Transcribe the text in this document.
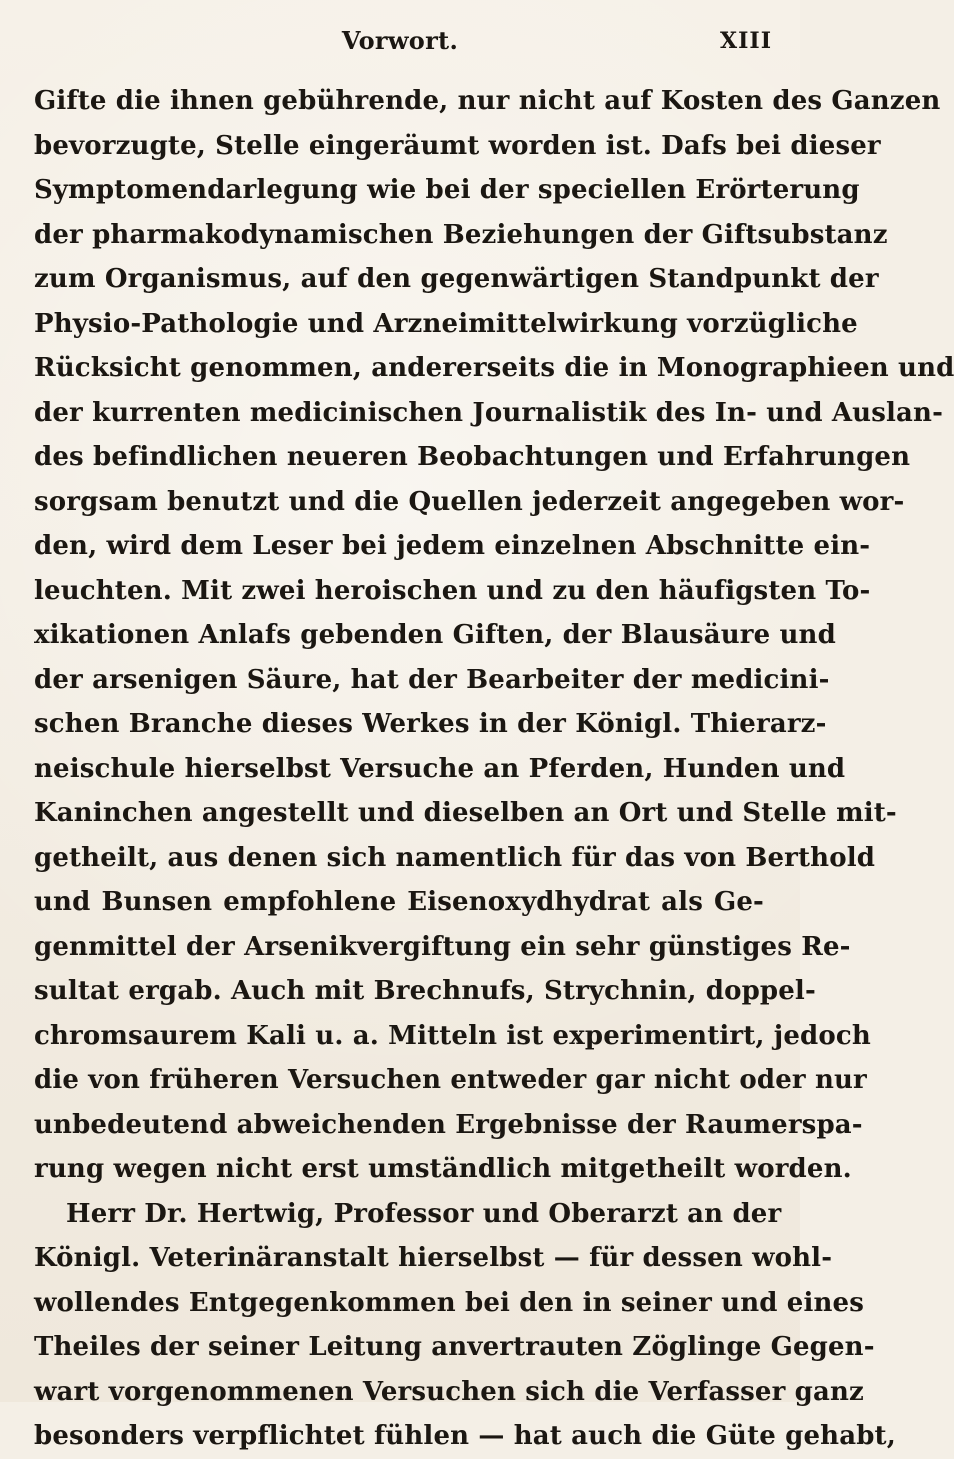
Vorwort.	XIII
Gifte die ihnen gebührende, nur nicht auf Kosten des Ganzen
bevorzugte, Stelle eingeräumt worden ist. Dafs bei dieser
Symptomendarlegung wie bei der speciellen Erörterung
der pharmakodynamischen Beziehungen der Giftsubstanz
zum Organismus, auf den gegenwärtigen Standpunkt der
Physio-Pathologie und Arzneimittelwirkung vorzügliche
Rücksicht genommen, andererseits die in Monographieen und
der kurrenten medicinischen Journalistik des In- und Auslan-
des befindlichen neueren Beobachtungen und Erfahrungen
sorgsam benutzt und die Quellen jederzeit angegeben wor-
den, wird dem Leser bei jedem einzelnen Abschnitte ein-
leuchten. Mit zwei heroischen und zu den häufigsten To-
xikationen Anlafs gebenden Giften, der Blausäure und
der arsenigen Säure, hat der Bearbeiter der medicini-
schen Branche dieses Werkes in der Königl. Thierarz-
neischule hierselbst Versuche an Pferden, Hunden und
Kaninchen angestellt und dieselben an Ort und Stelle mit-
getheilt, aus denen sich namentlich für das von Berthold
und Bunsen empfohlene Eisenoxydhydrat als Ge-
genmittel der Arsenikvergiftung ein sehr günstiges Re-
sultat ergab. Auch mit Brechnufs, Strychnin, doppel-
chromsaurem Kali u. a. Mitteln ist experimentirt, jedoch
die von früheren Versuchen entweder gar nicht oder nur
unbedeutend abweichenden Ergebnisse der Raumerspa-
rung wegen nicht erst umständlich mitgetheilt worden.
Herr Dr. Hertwig, Professor und Oberarzt an der
Königl. Veterinäranstalt hierselbst — für dessen wohl-
wollendes Entgegenkommen bei den in seiner und eines
Theiles der seiner Leitung anvertrauten Zöglinge Gegen-
wart vorgenommenen Versuchen sich die Verfasser ganz
besonders verpflichtet fühlen — hat auch die Güte gehabt,
